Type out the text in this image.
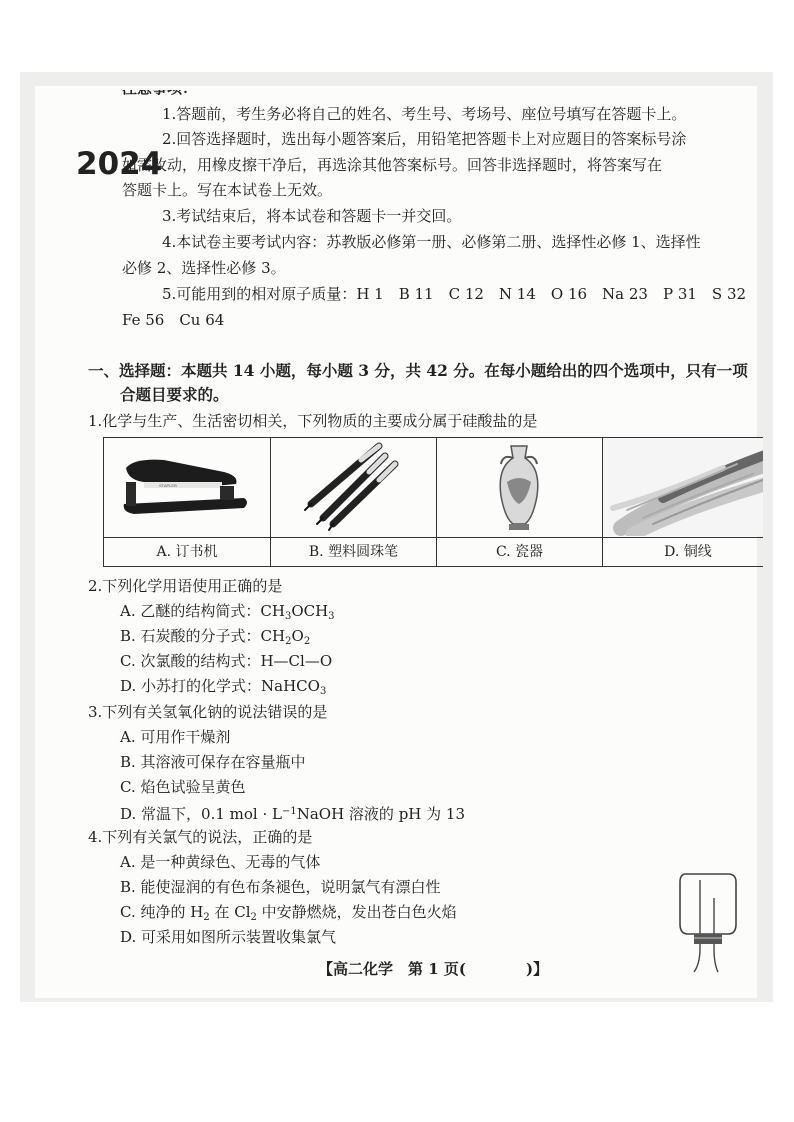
1.答题前，考生务必将自己的姓名、考生号、考场号、座位号填写在答题卡上。
2.回答选择题时，选出每小题答案后，用铅笔把答题卡上对应题目的答案标号涂
如需改动，用橡皮擦干净后，再选涂其他答案标号。回答非选择题时，将答案写在
答题卡上。写在本试卷上无效。
3.考试结束后，将本试卷和答题卡一并交回。
4.本试卷主要考试内容：苏教版必修第一册、必修第二册、选择性必修 1、选择性
必修 2、选择性必修 3。
5.可能用到的相对原子质量：H 1　B 11　C 12　N 14　O 16　Na 23　P 31　S 32
Fe 56　Cu 64
2024
一、选择题：本题共 14 小题，每小题 3 分，共 42 分。在每小题给出的四个选项中，只有一项
合题目要求的。
1.化学与生产、生活密切相关，下列物质的主要成分属于硅酸盐的是
STAPLER
A. 订书机	B. 塑料圆珠笔	C. 瓷器	D. 铜线
2.下列化学用语使用正确的是
A. 乙醚的结构简式：$CH_3OCH_3$
B. 石炭酸的分子式：$CH_2O_2$
C. 次氯酸的结构式：H—Cl—O
D. 小苏打的化学式：NaHCO$_3$
3.下列有关氢氧化钠的说法错误的是
A. 可用作干燥剂
B. 其溶液可保存在容量瓶中
C. 焰色试验呈黄色
D. 常温下，0.1 mol · $L^{-1}NaOH$ 溶液的 pH 为 13
4.下列有关氯气的说法，正确的是
A. 是一种黄绿色、无毒的气体
B. 能使湿润的有色布条褪色，说明氯气有漂白性
C. 纯净的 $H_2$ 在 $Cl_2$ 中安静燃烧，发出苍白色火焰
D. 可采用如图所示装置收集氯气
【高二化学　第 1 页(　　　　)】
